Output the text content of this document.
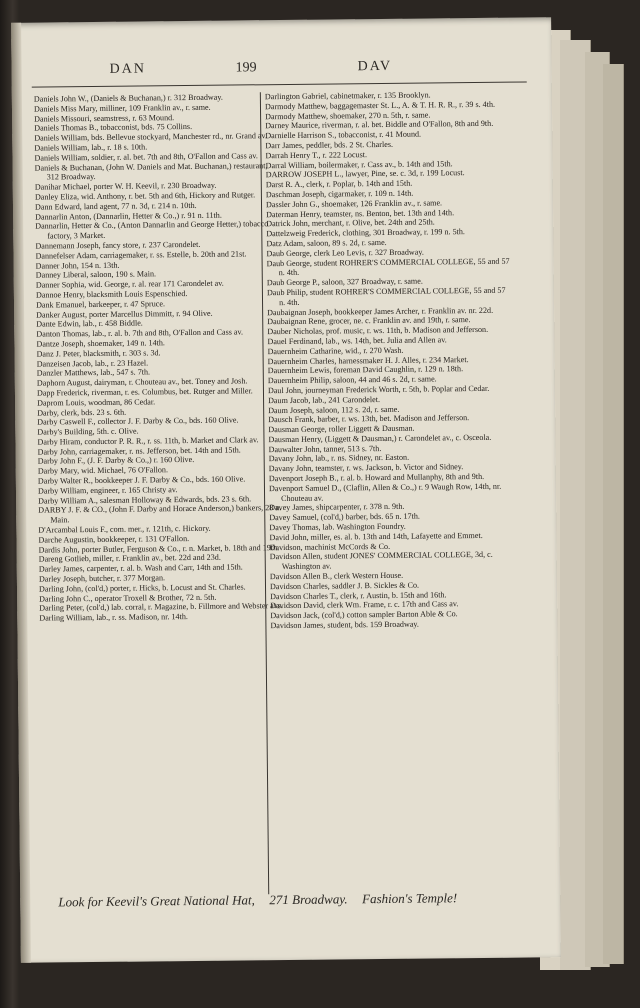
DAN	199	DAV

Daniels John W., (Daniels & Buchanan,) r. 312 Broadway.

Daniels Miss Mary, milliner, 109 Franklin av., r. same.

Daniels Missouri, seamstress, r. 63 Mound.

Daniels Thomas B., tobacconist, bds. 75 Collins.

Daniels William, bds. Bellevue stockyard, Manchester rd., nr. Grand av.

Daniels William, lab., r. 18 s. 10th.

Daniels William, soldier, r. al. bet. 7th and 8th, O'Fallon and Cass av.

Daniels & Buchanan, (John W. Daniels and Mat. Buchanan,) restaurant, 312 Broadway.

Danihar Michael, porter W. H. Keevil, r. 230 Broadway.

Danley Eliza, wid. Anthony, r. bet. 5th and 6th, Hickory and Rutger.

Dann Edward, land agent, 77 n. 3d, r. 214 n. 10th.

Dannarlin Anton, (Dannarlin, Hetter & Co.,) r. 91 n. 11th.

Dannarlin, Hetter & Co., (Anton Dannarlin and George Hetter,) tobacco factory, 3 Market.

Dannemann Joseph, fancy store, r. 237 Carondelet.

Dannefelser Adam, carriagemaker, r. ss. Estelle, b. 20th and 21st.

Danner John, 154 n. 13th.

Danney Liberal, saloon, 190 s. Main.

Danner Sophia, wid. George, r. al. rear 171 Carondelet av.

Dannoe Henry, blacksmith Louis Espenschied.

Dank Emanuel, barkeeper, r. 47 Spruce.

Danker August, porter Marcellus Dimmitt, r. 94 Olive.

Dante Edwin, lab., r. 458 Biddle.

Danton Thomas, lab., r. al. b. 7th and 8th, O'Fallon and Cass av.

Dantze Joseph, shoemaker, 149 n. 14th.

Danz J. Peter, blacksmith, r. 303 s. 3d.

Danzeisen Jacob, lab., r. 23 Hazel.

Danzler Matthews, lab., 547 s. 7th.

Daphorn August, dairyman, r. Chouteau av., bet. Toney and Josh.

Dapp Frederick, riverman, r. es. Columbus, bet. Rutger and Miller.

Daprom Louis, woodman, 86 Cedar.

Darby, clerk, bds. 23 s. 6th.

Darby Caswell F., collector J. F. Darby & Co., bds. 160 Olive.

Darby's Building, 5th. c. Olive.

Darby Hiram, conductor P. R. R., r. ss. 11th, b. Market and Clark av.

Darby John, carriagemaker, r. ns. Jefferson, bet. 14th and 15th.

Darby John F., (J. F. Darby & Co.,) r. 160 Olive.

Darby Mary, wid. Michael, 76 O'Fallon.

Darby Walter R., bookkeeper J. F. Darby & Co., bds. 160 Olive.

Darby William, engineer, r. 165 Christy av.

Darby William A., salesman Holloway & Edwards, bds. 23 s. 6th.

DARBY J. F. & CO., (John F. Darby and Horace Anderson,) bankers, 28 n. Main.

D'Arcambal Louis F., com. mer., r. 121th, c. Hickory.

Darche Augustin, bookkeeper, r. 131 O'Fallon.

Dardis John, porter Butler, Ferguson & Co., r. n. Market, b. 18th and 19th.

Dareng Gotlieb, miller, r. Franklin av., bet. 22d and 23d.

Darley James, carpenter, r. al. b. Wash and Carr, 14th and 15th.

Darley Joseph, butcher, r. 377 Morgan.

Darling John, (col'd,) porter, r. Hicks, b. Locust and St. Charles.

Darling John C., operator Troxell & Brother, 72 n. 5th.

Darling Peter, (col'd,) lab. corral, r. Magazine, b. Fillmore and Webster avs.

Darling William, lab., r. ss. Madison, nr. 14th.

Darlington Gabriel, cabinetmaker, r. 135 Brooklyn.

Darmody Matthew, baggagemaster St. L., A. & T. H. R. R., r. 39 s. 4th.

Darmody Matthew, shoemaker, 270 n. 5th, r. same.

Darney Maurice, riverman, r. al. bet. Biddle and O'Fallon, 8th and 9th.

Darnielle Harrison S., tobacconist, r. 41 Mound.

Darr James, peddler, bds. 2 St. Charles.

Darrah Henry T., r. 222 Locust.

Darral William, boilermaker, r. Cass av., b. 14th and 15th.

DARROW JOSEPH L., lawyer, Pine, se. c. 3d, r. 199 Locust.

Darst R. A., clerk, r. Poplar, b. 14th and 15th.

Daschman Joseph, cigarmaker, r. 109 n. 14th.

Dassler John G., shoemaker, 126 Franklin av., r. same.

Daterman Henry, teamster, ns. Benton, bet. 13th and 14th.

Datrick John, merchant, r. Olive, bet. 24th and 25th.

Dattelzweig Frederick, clothing, 301 Broadway, r. 199 n. 5th.

Datz Adam, saloon, 89 s. 2d, r. same.

Daub George, clerk Leo Levis, r. 327 Broadway.

Daub George, student ROHRER'S COMMERCIAL COLLEGE, 55 and 57 n. 4th.

Daub George P., saloon, 327 Broadway, r. same.

Daub Philip, student ROHRER'S COMMERCIAL COLLEGE, 55 and 57 n. 4th.

Daubaignan Joseph, bookkeeper James Archer, r. Franklin av. nr. 22d.

Daubaignan Rene, grocer, ne. c. Franklin av. and 19th, r. same.

Dauber Nicholas, prof. music, r. ws. 11th, b. Madison and Jefferson.

Dauel Ferdinand, lab., ws. 14th, bet. Julia and Allen av.

Dauernheim Catharine, wid., r. 270 Wash.

Dauernheim Charles, harnessmaker H. J. Alles, r. 234 Market.

Dauernheim Lewis, foreman David Caughlin, r. 129 n. 18th.

Dauernheim Philip, saloon, 44 and 46 s. 2d, r. same.

Daul John, journeyman Frederick Worth, r. 5th, b. Poplar and Cedar.

Daum Jacob, lab., 241 Carondelet.

Daum Joseph, saloon, 112 s. 2d, r. same.

Dausch Frank, barber, r. ws. 13th, bet. Madison and Jefferson.

Dausman George, roller Liggett & Dausman.

Dausman Henry, (Liggett & Dausman,) r. Carondelet av., c. Osceola.

Dauwalter John, tanner, 513 s. 7th.

Davany John, lab., r. ns. Sidney, nr. Easton.

Davany John, teamster, r. ws. Jackson, b. Victor and Sidney.

Davenport Joseph B., r. al. b. Howard and Mullanphy, 8th and 9th.

Davenport Samuel D., (Claflin, Allen & Co.,) r. 9 Waugh Row, 14th, nr. Chouteau av.

Davey James, shipcarpenter, r. 378 n. 9th.

Davey Samuel, (col'd,) barber, bds. 65 n. 17th.

Davey Thomas, lab. Washington Foundry.

David John, miller, es. al. b. 13th and 14th, Lafayette and Emmet.

Davidson, machinist McCords & Co.

Davidson Allen, student JONES' COMMERCIAL COLLEGE, 3d, c. Washington av.

Davidson Allen B., clerk Western House.

Davidson Charles, saddler J. B. Sickles & Co.

Davidson Charles T., clerk, r. Austin, b. 15th and 16th.

Davidson David, clerk Wm. Frame, r. c. 17th and Cass av.

Davidson Jack, (col'd,) cotton sampler Barton Able & Co.

Davidson James, student, bds. 159 Broadway.

Look for Keevil's Great National Hat, 271 Broadway. Fashion's Temple!
